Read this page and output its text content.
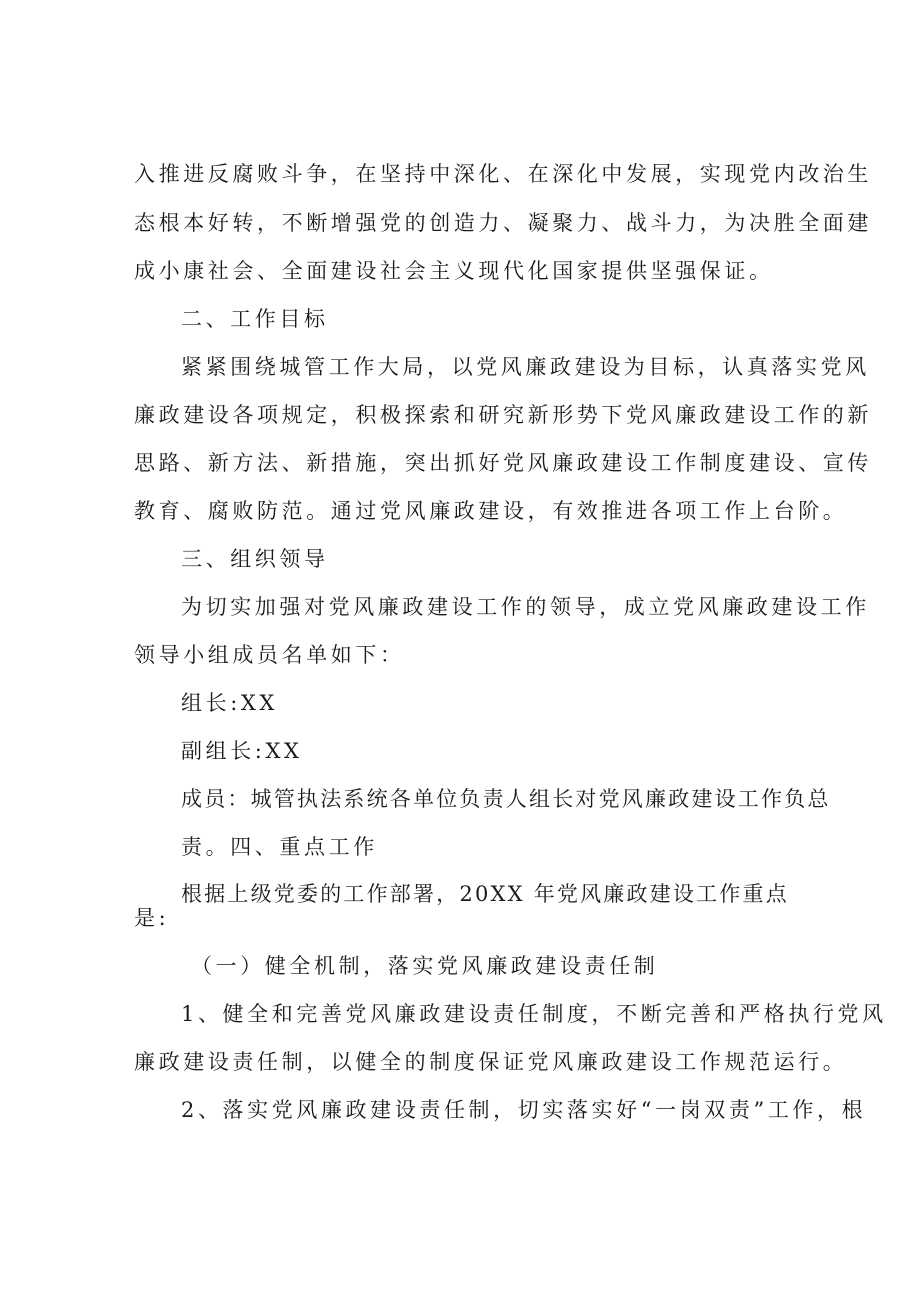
入推进反腐败斗争，在坚持中深化、在深化中发展，实现党内改治生
态根本好转，不断增强党的创造力、凝聚力、战斗力，为决胜全面建
成小康社会、全面建设社会主义现代化国家提供坚强保证。
二、工作目标
紧紧围绕城管工作大局，以党风廉政建设为目标，认真落实党风
廉政建设各项规定，积极探索和研究新形势下党风廉政建设工作的新
思路、新方法、新措施，突出抓好党风廉政建设工作制度建设、宣传
教育、腐败防范。通过党风廉政建设，有效推进各项工作上台阶。
三、组织领导
为切实加强对党风廉政建设工作的领导，成立党风廉政建设工作
领导小组成员名单如下：
组长:XX
副组长:XX
成员：城管执法系统各单位负责人组长对党风廉政建设工作负总
责。四、重点工作
根据上级党委的工作部署，20XX 年党风廉政建设工作重点
是:
（一）健全机制，落实党风廉政建设责任制
1、健全和完善党风廉政建设责任制度，不断完善和严格执行党风
廉政建设责任制，以健全的制度保证党风廉政建设工作规范运行。
2、落实党风廉政建设责任制，切实落实好“一岗双责”工作，根
